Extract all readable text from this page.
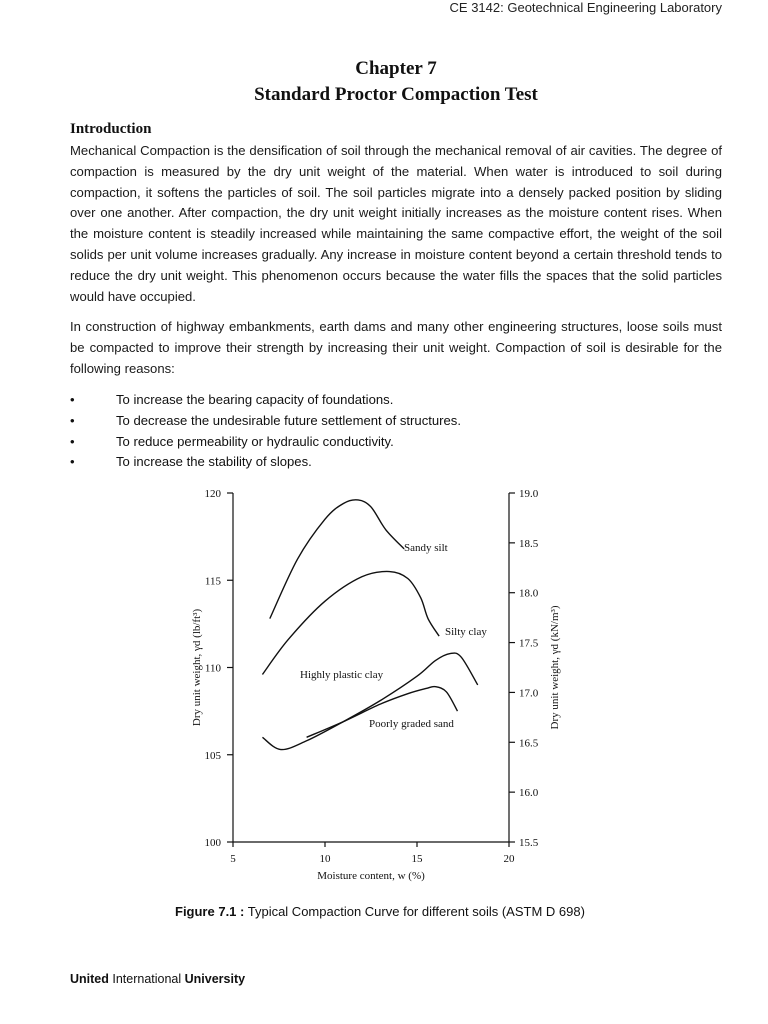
CE 3142: Geotechnical Engineering Laboratory
Chapter 7
Standard Proctor Compaction Test
Introduction
Mechanical Compaction is the densification of soil through the mechanical removal of air cavities. The degree of compaction is measured by the dry unit weight of the material. When water is introduced to soil during compaction, it softens the particles of soil. The soil particles migrate into a densely packed position by sliding over one another. After compaction, the dry unit weight initially increases as the moisture content rises. When the moisture content is steadily increased while maintaining the same compactive effort, the weight of the soil solids per unit volume increases gradually. Any increase in moisture content beyond a certain threshold tends to reduce the dry unit weight. This phenomenon occurs because the water fills the spaces that the solid particles would have occupied.
In construction of highway embankments, earth dams and many other engineering structures, loose soils must be compacted to improve their strength by increasing their unit weight. Compaction of soil is desirable for the following reasons:
• To increase the bearing capacity of foundations.
• To decrease the undesirable future settlement of structures.
• To reduce permeability or hydraulic conductivity.
• To increase the stability of slopes.
5	10	15	20
100
105
110
115
120
15.5
16.0
16.5
17.0
17.5
18.0
18.5
19.0
Moisture content, w (%)
Dry unit weight, γd (lb/ft³)	Dry unit weight, γd (kN/m³)
Sandy silt
Silty clay
Highly plastic clay
Poorly graded sand
Figure 7.1 : Typical Compaction Curve for different soils (ASTM D 698)
United International University
